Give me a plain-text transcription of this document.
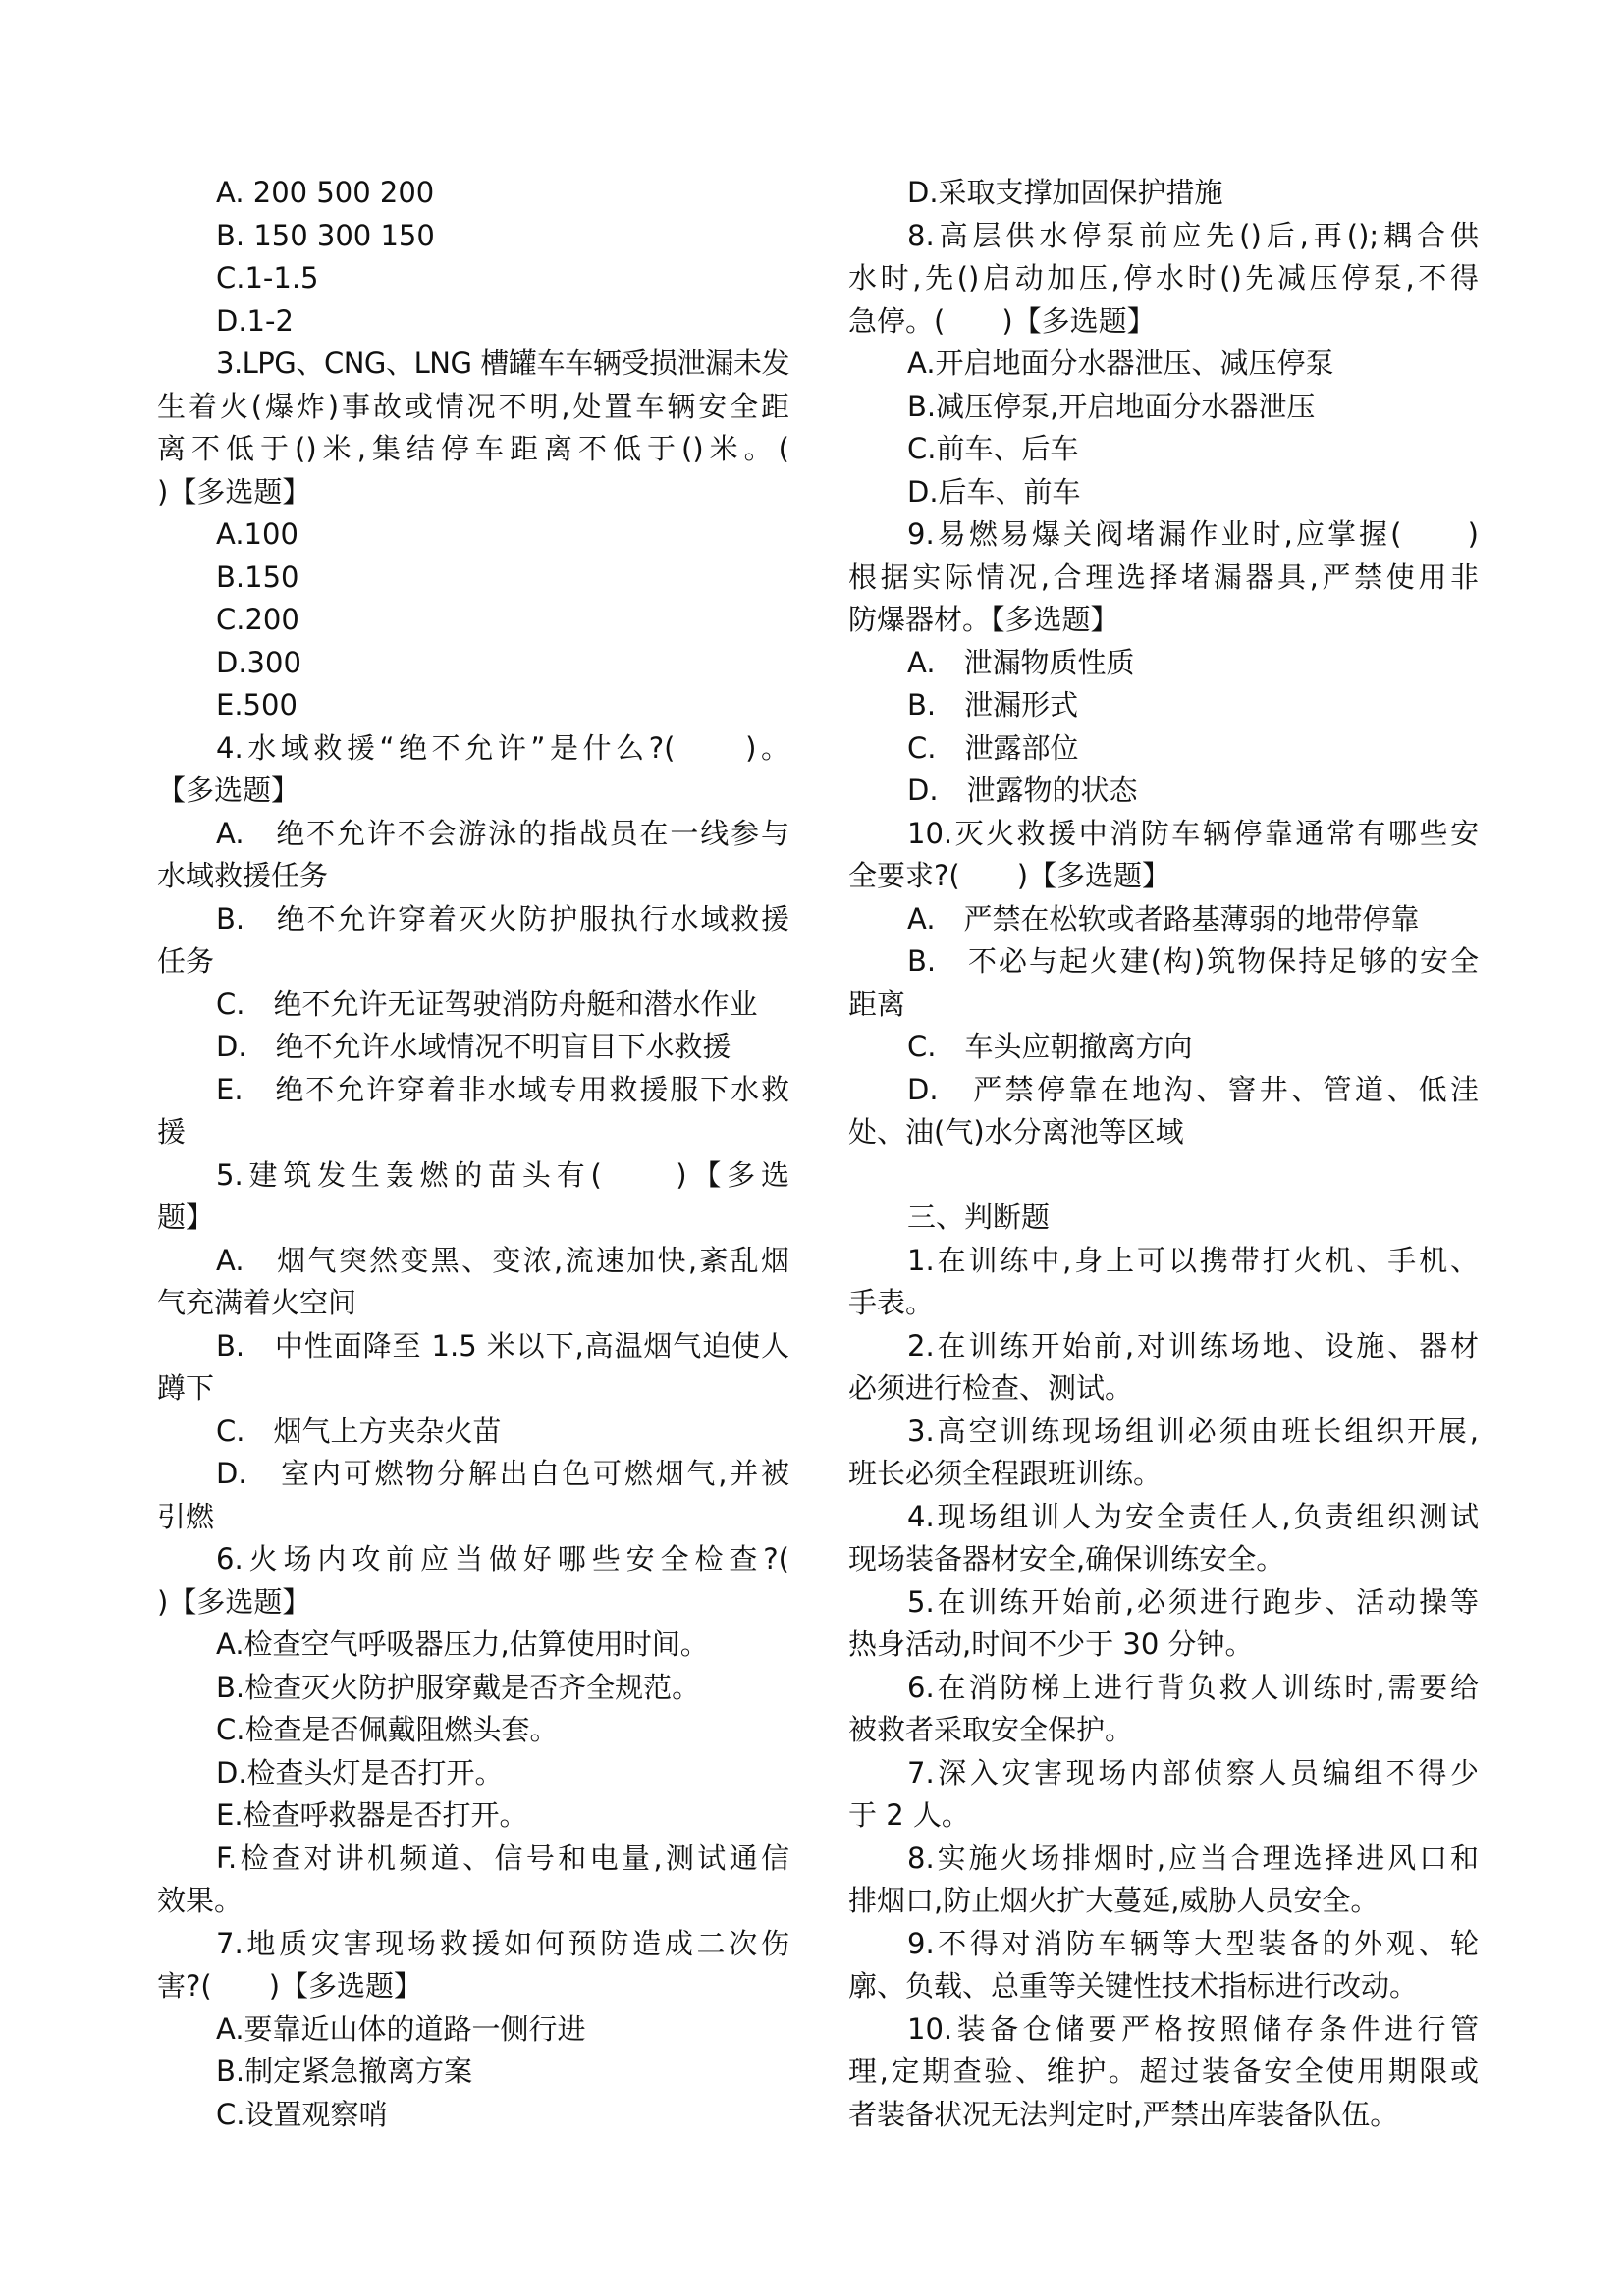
A. 200 500 200
B. 150 300 150
C.1-1.5
D.1-2
3.LPG、CNG、LNG 槽罐车车辆受损泄漏未发
生着火(爆炸)事故或情况不明,处置车辆安全距
离不低于()米,集结停车距离不低于()米。(
)【多选题】
A.100
B.150
C.200
D.300
E.500
4.水域救援“绝不允许”是什么?(　　)。
【多选题】
A.　绝不允许不会游泳的指战员在一线参与
水域救援任务
B.　绝不允许穿着灭火防护服执行水域救援
任务
C.　绝不允许无证驾驶消防舟艇和潜水作业
D.　绝不允许水域情况不明盲目下水救援
E.　绝不允许穿着非水域专用救援服下水救
援
5.建筑发生轰燃的苗头有(　　)【多选
题】
A.　烟气突然变黑、变浓,流速加快,紊乱烟
气充满着火空间
B.　中性面降至 1.5 米以下,高温烟气迫使人
蹲下
C.　烟气上方夹杂火苗
D.　室内可燃物分解出白色可燃烟气,并被
引燃
6.火场内攻前应当做好哪些安全检查?(
)【多选题】
A.检查空气呼吸器压力,估算使用时间。
B.检查灭火防护服穿戴是否齐全规范。
C.检查是否佩戴阻燃头套。
D.检查头灯是否打开。
E.检查呼救器是否打开。
F.检查对讲机频道、信号和电量,测试通信
效果。
7.地质灾害现场救援如何预防造成二次伤
害?(　　)【多选题】
A.要靠近山体的道路一侧行进
B.制定紧急撤离方案
C.设置观察哨
D.采取支撑加固保护措施
8.高层供水停泵前应先()后,再();耦合供
水时,先()启动加压,停水时()先减压停泵,不得
急停。(　　)【多选题】
A.开启地面分水器泄压、减压停泵
B.减压停泵,开启地面分水器泄压
C.前车、后车
D.后车、前车
9.易燃易爆关阀堵漏作业时,应掌握(　　)
根据实际情况,合理选择堵漏器具,严禁使用非
防爆器材。【多选题】
A.　泄漏物质性质
B.　泄漏形式
C.　泄露部位
D.　泄露物的状态
10.灭火救援中消防车辆停靠通常有哪些安
全要求?(　　)【多选题】
A.　严禁在松软或者路基薄弱的地带停靠
B.　不必与起火建(构)筑物保持足够的安全
距离
C.　车头应朝撤离方向
D.　严禁停靠在地沟、窨井、管道、低洼
处、油(气)水分离池等区域
三、判断题
1.在训练中,身上可以携带打火机、手机、
手表。
2.在训练开始前,对训练场地、设施、器材
必须进行检查、测试。
3.高空训练现场组训必须由班长组织开展,
班长必须全程跟班训练。
4.现场组训人为安全责任人,负责组织测试
现场装备器材安全,确保训练安全。
5.在训练开始前,必须进行跑步、活动操等
热身活动,时间不少于 30 分钟。
6.在消防梯上进行背负救人训练时,需要给
被救者采取安全保护。
7.深入灾害现场内部侦察人员编组不得少
于 2 人。
8.实施火场排烟时,应当合理选择进风口和
排烟口,防止烟火扩大蔓延,威胁人员安全。
9.不得对消防车辆等大型装备的外观、轮
廓、负载、总重等关键性技术指标进行改动。
10.装备仓储要严格按照储存条件进行管
理,定期查验、维护。超过装备安全使用期限或
者装备状况无法判定时,严禁出库装备队伍。
